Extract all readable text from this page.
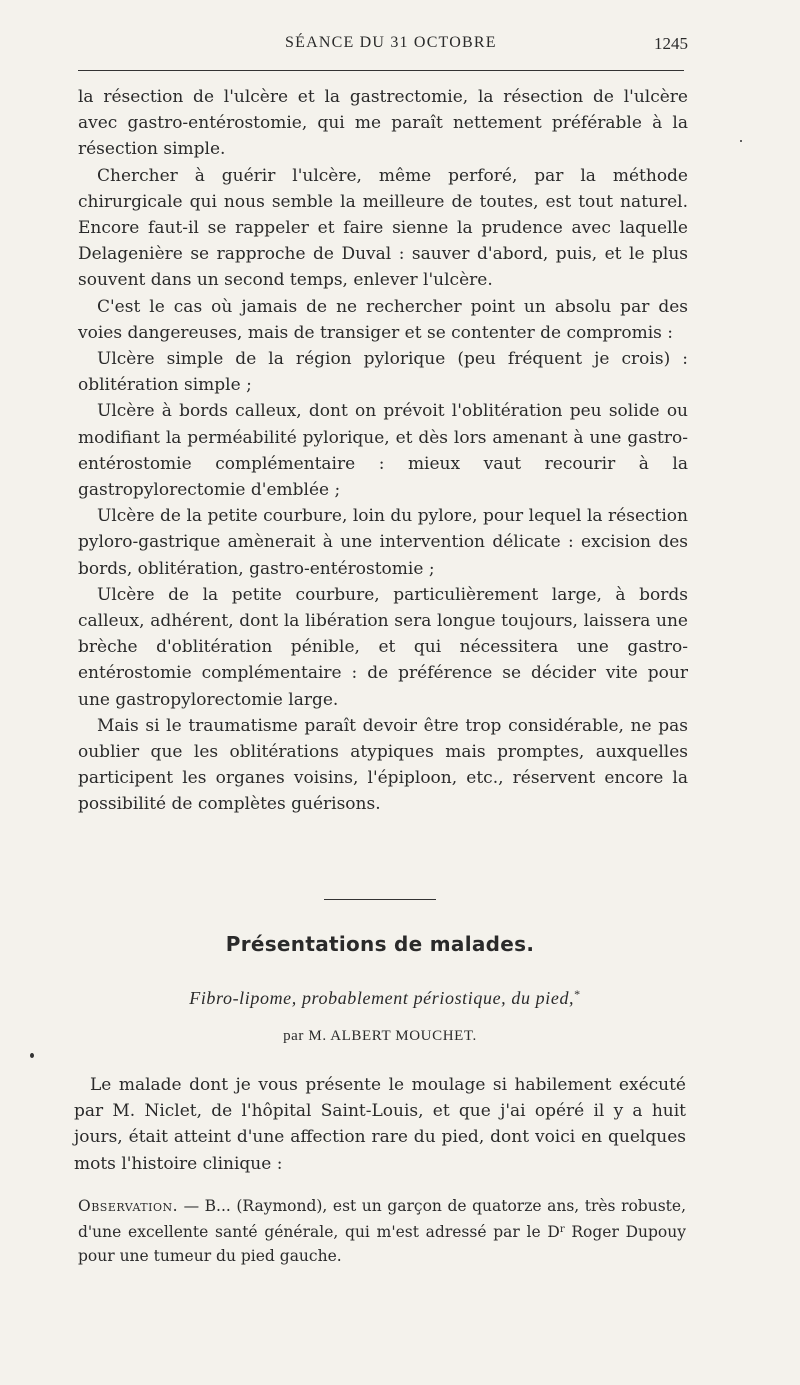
SÉANCE DU 31 OCTOBRE	1245

la résection de l'ulcère et la gastrectomie, la résection de l'ulcère avec gastro-entérostomie, qui me paraît nettement préférable à la résection simple.

Chercher à guérir l'ulcère, même perforé, par la méthode chirurgicale qui nous semble la meilleure de toutes, est tout naturel. Encore faut-il se rappeler et faire sienne la prudence avec laquelle Delagenière se rapproche de Duval : sauver d'abord, puis, et le plus souvent dans un second temps, enlever l'ulcère.

C'est le cas où jamais de ne rechercher point un absolu par des voies dangereuses, mais de transiger et se contenter de compromis :

Ulcère simple de la région pylorique (peu fréquent je crois) : oblitération simple ;

Ulcère à bords calleux, dont on prévoit l'oblitération peu solide ou modifiant la perméabilité pylorique, et dès lors amenant à une gastro-entérostomie complémentaire : mieux vaut recourir à la gastropylorectomie d'emblée ;

Ulcère de la petite courbure, loin du pylore, pour lequel la résection pyloro-gastrique amènerait à une intervention délicate : excision des bords, oblitération, gastro-entérostomie ;

Ulcère de la petite courbure, particulièrement large, à bords calleux, adhérent, dont la libération sera longue toujours, laissera une brèche d'oblitération pénible, et qui nécessitera une gastro-entérostomie complémentaire : de préférence se décider vite pour une gastropylorectomie large.

Mais si le traumatisme paraît devoir être trop considérable, ne pas oublier que les oblitérations atypiques mais promptes, auxquelles participent les organes voisins, l'épiploon, etc., réservent encore la possibilité de complètes guérisons.

Présentations de malades.
Fibro-lipome, probablement périostique, du pied,*
par M. ALBERT MOUCHET.

Le malade dont je vous présente le moulage si habilement exécuté par M. Niclet, de l'hôpital Saint-Louis, et que j'ai opéré il y a huit jours, était atteint d'une affection rare du pied, dont voici en quelques mots l'histoire clinique :

Observation. — B... (Raymond), est un garçon de quatorze ans, très robuste, d'une excellente santé générale, qui m'est adressé par le $D^r$ Roger Dupouy pour une tumeur du pied gauche.
